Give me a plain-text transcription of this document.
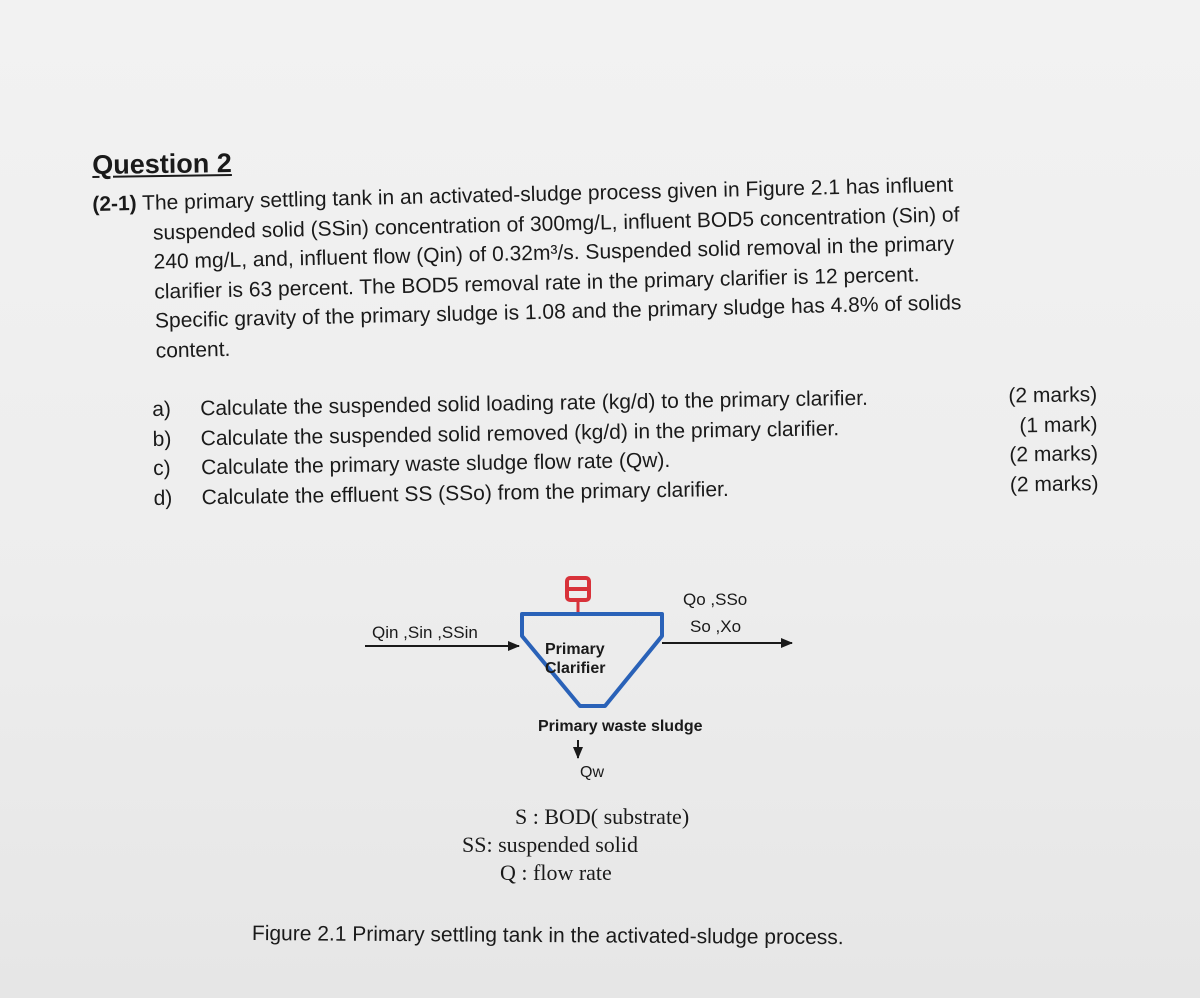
Question 2
(2-1) The primary settling tank in an activated-sludge process given in Figure 2.1 has influent
suspended solid (SSin) concentration of 300mg/L, influent BOD5 concentration (Sin) of
240 mg/L, and, influent flow (Qin) of 0.32m³/s. Suspended solid removal in the primary
clarifier is 63 percent. The BOD5 removal rate in the primary clarifier is 12 percent.
Specific gravity of the primary sludge is 1.08 and the primary sludge has 4.8% of solids
content.
a)	Calculate the suspended solid loading rate (kg/d) to the primary clarifier.	(2 marks)
b)	Calculate the suspended solid removed (kg/d) in the primary clarifier.	(1 mark)
c)	Calculate the primary waste sludge flow rate (Qw).	(2 marks)
d)	Calculate the effluent SS (SSo) from the primary clarifier.	(2 marks)
Qin ,Sin ,SSin
Primary
Clarifier
Qo ,SSo
So ,Xo
Primary waste sludge
Qw
S : BOD( substrate)
SS: suspended solid
Q : flow rate
Figure 2.1 Primary settling tank in the activated-sludge process.
